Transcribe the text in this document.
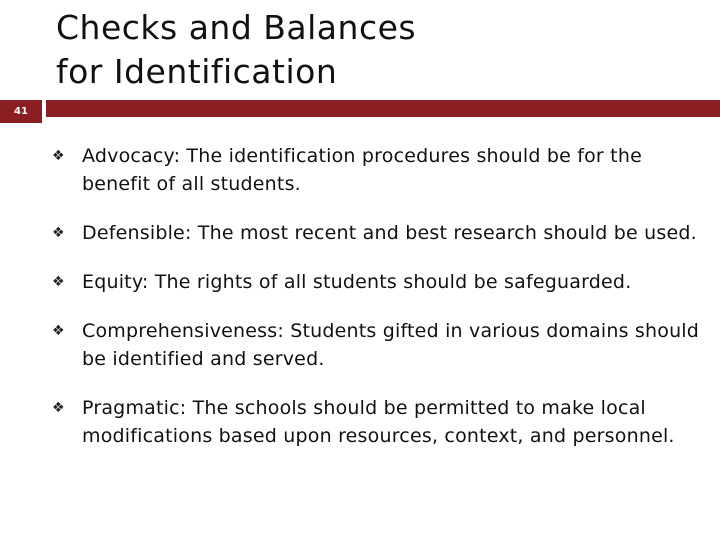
Checks and Balances
for Identification
41
❖ Advocacy: The identification procedures should be for the benefit of all students.
❖ Defensible: The most recent and best research should be used.
❖ Equity: The rights of all students should be safeguarded.
❖ Comprehensiveness: Students gifted in various domains should be identified and served.
❖ Pragmatic: The schools should be permitted to make local modifications based upon resources, context, and personnel.
